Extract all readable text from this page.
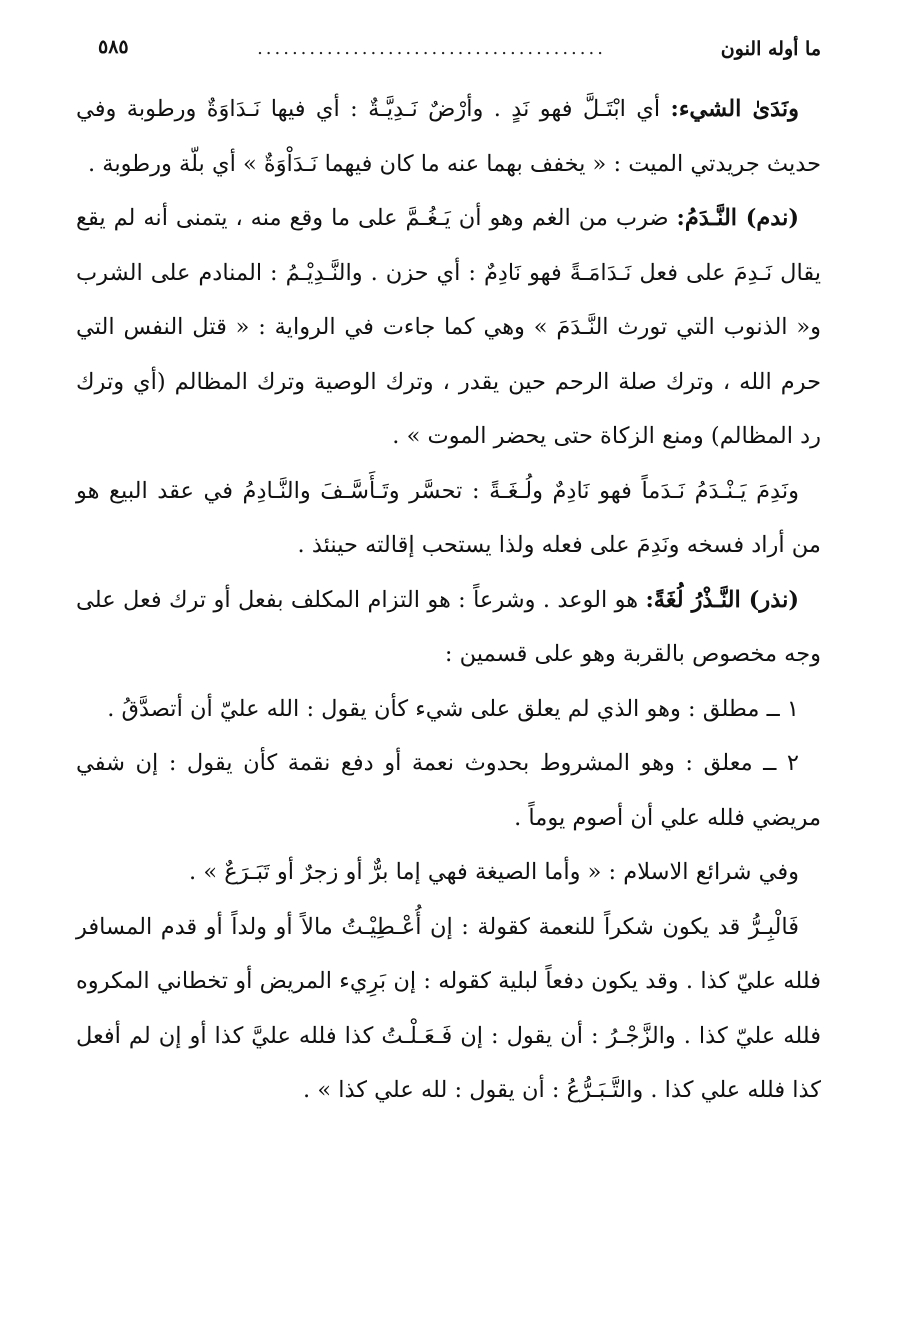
ما أوله النون
........................................
٥٨٥

ونَدَىٰ الشيء: أي ابْتَـلَّ فهو نَدٍ . وأرْضٌ نَـدِيَّـةٌ : أي فيها نَـدَاوَةٌ ورطوبة وفي حديث جريدتي الميت : « يخفف بهما عنه ما كان فيهما نَـدَاْوَةٌ » أي بلّة ورطوبة .

(ندم) النَّـدَمُ: ضرب من الغم وهو أن يَـغُـمَّ على ما وقع منه ، يتمنى أنه لم يقع يقال نَـدِمَ على فعل نَـدَامَـةً فهو نَادِمٌ : أي حزن . والنَّـدِيْـمُ : المنادم على الشرب و« الذنوب التي تورث النَّـدَمَ » وهي كما جاءت في الرواية : « قتل النفس التي حرم الله ، وترك صلة الرحم حين يقدر ، وترك الوصية وترك المظالم (أي وترك رد المظالم) ومنع الزكاة حتى يحضر الموت » .

ونَدِمَ يَـنْـدَمُ نَـدَماً فهو نَادِمٌ ولُـغَـةً : تحسَّر وتَـأَسَّـفَ والنَّـادِمُ في عقد البيع هو من أراد فسخه ونَدِمَ على فعله ولذا يستحب إقالته حينئذ .

(نذر) النَّـذْرُ لُغَةً: هو الوعد . وشرعاً : هو التزام المكلف بفعل أو ترك فعل على وجه مخصوص بالقربة وهو على قسمين :

١ ــ مطلق : وهو الذي لم يعلق على شيء كأن يقول : الله عليّ أن أتصدَّقُ .

٢ ــ معلق : وهو المشروط بحدوث نعمة أو دفع نقمة كأن يقول : إن شفي مريضي فلله علي أن أصوم يوماً .

وفي شرائع الاسلام : « وأما الصيغة فهي إما برٌّ أو زجرٌ أو تَبَـرَعٌ » .

فَالْبِـرُّ قد يكون شكراً للنعمة كقولة : إن أُعْـطِيْـتُ مالاً أو ولداً أو قدم المسافر فلله عليّ كذا . وقد يكون دفعاً لبلية كقوله : إن بَرِيء المريض أو تخطاني المكروه فلله عليّ كذا . والزَّجْـرُ : أن يقول : إن فَـعَـلْـتُ كذا فلله عليَّ كذا أو إن لم أفعل كذا فلله علي كذا . والتَّـبَـرُّعُ : أن يقول : لله علي كذا » .
